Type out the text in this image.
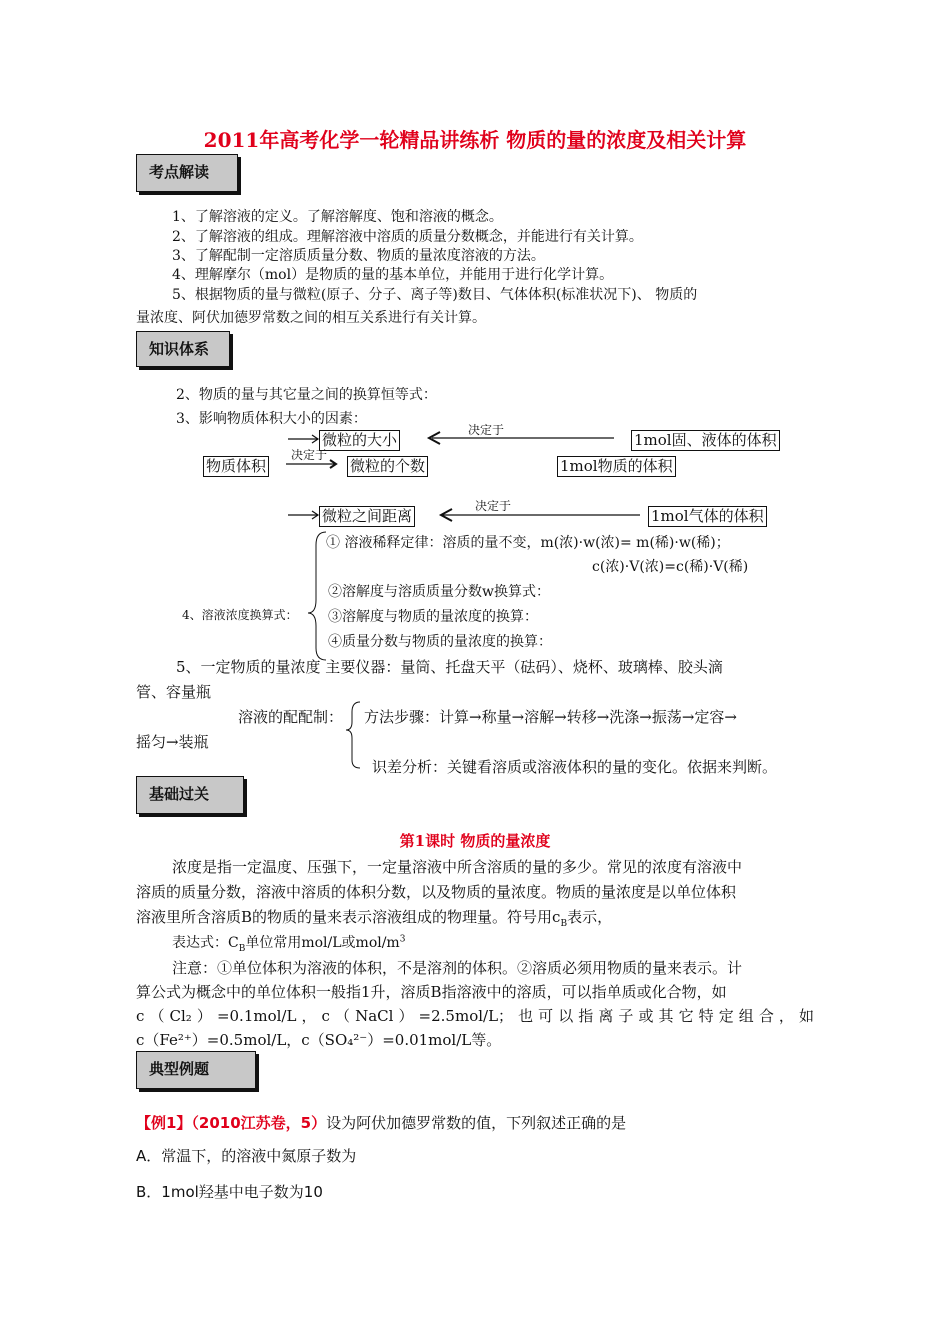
2011年高考化学一轮精品讲练析 物质的量的浓度及相关计算
考点解读
1、了解溶液的定义。了解溶解度、饱和溶液的概念。
2、了解溶液的组成。理解溶液中溶质的质量分数概念，并能进行有关计算。
3、了解配制一定溶质质量分数、物质的量浓度溶液的方法。
4、理解摩尔（mol）是物质的量的基本单位，并能用于进行化学计算。
5、根据物质的量与微粒(原子、分子、离子等)数目、气体体积(标准状况下)、 物质的
量浓度、阿伏加德罗常数之间的相互关系进行有关计算。
知识体系
2、物质的量与其它量之间的换算恒等式：
3、影响物质体积大小的因素：
决定于
决定于
决定于
微粒的大小	1mol固、液体的体积
物质体积	微粒的个数	1mol物质的体积
微粒之间距离	1mol气体的体积
4、溶液浓度换算式：
① 溶液稀释定律：溶质的量不变，m(浓)·w(浓)= m(稀)·w(稀)；
c(浓)·V(浓)=c(稀)·V(稀)
②溶解度与溶质质量分数w换算式：
③溶解度与物质的量浓度的换算：
④质量分数与物质的量浓度的换算：
5、一定物质的量浓度 主要仪器：量筒、托盘天平（砝码）、烧杯、玻璃棒、胶头滴
管、容量瓶
溶液的配配制： 方法步骤：计算→称量→溶解→转移→洗涤→振荡→定容→
摇匀→装瓶
识差分析：关键看溶质或溶液体积的量的变化。依据来判断。
基础过关
第1课时 物质的量浓度
浓度是指一定温度、压强下，一定量溶液中所含溶质的量的多少。常见的浓度有溶液中
溶质的质量分数，溶液中溶质的体积分数，以及物质的量浓度。物质的量浓度是以单位体积
溶液里所含溶质B的物质的量来表示溶液组成的物理量。符号用$c_B$表示，
表达式：$C_B$单位常用mol/L或mol/$m^3$
注意：①单位体积为溶液的体积，不是溶剂的体积。②溶质必须用物质的量来表示。计
算公式为概念中的单位体积一般指1升，溶质B指溶液中的溶质，可以指单质或化合物，如
c（Cl₂）=0.1mol/L，c（NaCl）=2.5mol/L；也可以指离子或其它特定组合，如
c（Fe²⁺）=0.5mol/L，c（SO₄²⁻）=0.01mol/L等。
典型例题
【例1】（2010江苏卷，5）设为阿伏加德罗常数的值，下列叙述正确的是
A．常温下，的溶液中氮原子数为
B．1mol羟基中电子数为10
